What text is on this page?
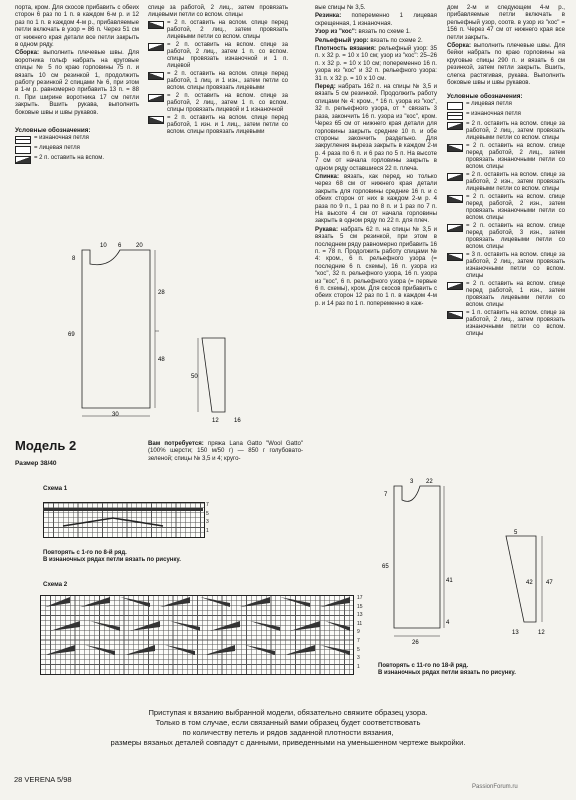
порта, кром. Для скосов прибавить с обеих сторон 6 раз по 1 п. в каждом 6-м р. и 12 раз по 1 п. в каждом 4-м р., прибавляемые петли включать в узор = 86 п. Через 51 см от нижнего края детали все петли закрыть в одном ряду.

Сборка: выполнить плечевые швы. Для воротника гольф набрать на круговые спицы № 5 по краю горловины 75 п. и вязать 10 см резинкой 1, продолжить работу резинкой 2 спицами № 6, при этом в 1-м р. равномерно прибавить 13 п. = 88 п. При ширине воротника 17 см петли закрыть. Вшить рукава, выполнить боковые швы и швы рукавов.

Условные обозначения:
= изнаночная петля
= лицевая петля
= 2 п. оставить на вспом.

спице за работой, 2 лиц., затем провязать лицевыми петли со вспом. спицы

= 2 п. оставить на вспом. спице перед работой, 2 лиц., затем провязать лицевыми петли со вспом. спицы
= 2 п. оставить на вспом. спице за работой, 2 лиц., затем 1 п. со вспом. спицы провязать изнаночной и 1 п. лицевой
= 2 п. оставить на вспом. спице перед работой, 1 лиц. и 1 изн., затем петли со вспом. спицы провязать лицевыми
= 2 п. оставить на вспом. спице за работой, 2 лиц., затем 1 п. со вспом. спицы провязать лицевой и 1 изнаночной
= 2 п. оставить на вспом. спице перед работой, 1 изн. и 1 лиц., затем петли со вспом. спицы провязать лицевыми

вые спицы № 3,5.

Резинка: попеременно 1 лицевая скрещенная, 1 изнаночная.

Узор из "кос": вязать по схеме 1.

Рельефный узор: вязать по схеме 2.

Плотность вязания: рельефный узор: 35 п. х 32 р. = 10 х 10 см; узор из "кос": 25–26 п. х 32 р. = 10 х 10 см; попеременно 16 п. узора из "кос" и 32 п. рельефного узора: 31 п. х 32 р. = 10 х 10 см.

Перед: набрать 162 п. на спицы № 3,5 и вязать 5 см резинкой. Продолжить работу спицами № 4: кром., * 16 п. узора из "кос", 32 п. рельефного узора, от * связать 3 раза, закончить 16 п. узора из "кос", кром. Через 65 см от нижнего края детали для горловины закрыть средние 10 п. и обе стороны закончить раздельно. Для закругления выреза закрыть в каждом 2-м р. 4 раза по 6 п. и 6 раз по 5 п. На высоте 7 см от начала горловины закрыть в одном ряду оставшиеся 22 п. плеча.

Спинка: вязать, как перед, но только через 68 см от нижнего края детали закрыть для горловины средние 16 п. и с обеих сторон от них в каждом 2-м р. 4 раза по 9 п., 1 раз по 8 п. и 1 раз по 7 п. На высоте 4 см от начала горловины закрыть в одном ряду по 22 п. для плеч.

Рукава: набрать 62 п. на спицы № 3,5 и вязать 5 см резинкой, при этом в последнем ряду равномерно прибавить 16 п. = 78 п. Продолжить работу спицами № 4: кром., 6 п. рельефного узора (= последние 6 п. схемы), 16 п. узора из "кос", 32 п. рельефного узора, 16 п. узора из "кос", 6 п. рельефного узора (= первые 6 п. схемы), кром. Для скосов прибавить с обеих сторон 12 раз по 1 п. в каждом 4-м р. и 14 раз по 1 п. попеременно в каж-

дом 2-м и следующем 4-м р., прибавляемые петли включать в рельефный узор, соотв. в узор из "кос" = 156 п. Через 47 см от нижнего края все петли закрыть.

Сборка: выполнить плечевые швы. Для бейки набрать по краю горловины на круговые спицы 290 п. и вязать 6 см резинкой, затем петли закрыть. Вшить, слегка растягивая, рукава. Выполнить боковые швы и швы рукавов.

Условные обозначения:
= лицевая петля
= изнаночная петля
= 2 п. оставить на вспом. спице за работой, 2 лиц., затем провязать лицевыми петли со вспом. спицы
= 2 п. оставить на вспом. спице перед работой, 2 лиц., затем провязать изнаночными петли со вспом. спицы
= 2 п. оставить на вспом. спице за работой, 2 изн., затем провязать лицевыми петли со вспом. спицы
= 2 п. оставить на вспом. спице перед работой, 2 изн., затем провязать изнаночными петли со вспом. спицы
= 2 п. оставить на вспом. спице перед работой, 3 изн., затем провязать лицевыми петли со вспом. спицы
= 3 п. оставить на вспом. спице за работой, 2 лиц., затем провязать изнаночными петли со вспом. спицы
= 2 п. оставить на вспом. спице перед работой, 1 изн., затем провязать лицевыми петли со вспом. спицы
= 1 п. оставить на вспом. спице за работой, 2 лиц., затем провязать изнаночными петли со вспом. спицы
10 6 20
8
28
69
48
30
50
12	16
Модель 2
Размер 38/40

Вам потребуется: пряжа Lana Gatto "Wool Gatto" (100% шерсти; 150 м/50 г) — 850 г голубовато-зеленой; спицы № 3,5 и 4; круго-

Схема 1
7
5
3
1
Повторять с 1-го по 8-й ряд.
В изнаночных рядах петли вязать по рисунку.
Схема 2
17
15
13
11
9
7
5
3
1	Повторять с 11-го по 18-й ряд.
В изнаночных рядах петли вязать по рисунку.
7
3 22
65
41
4
26
5
42 47
13	12
Приступая к вязанию выбранной модели, обязательно свяжите образец узора.
Только в том случае, если связанный вами образец будет соответствовать
по количеству петель и рядов заданной плотности вязания,
размеры вязаных деталей совпадут с данными, приведенными на уменьшенном чертеже выкройки.
28 VERENA 5/98
PassionForum.ru
